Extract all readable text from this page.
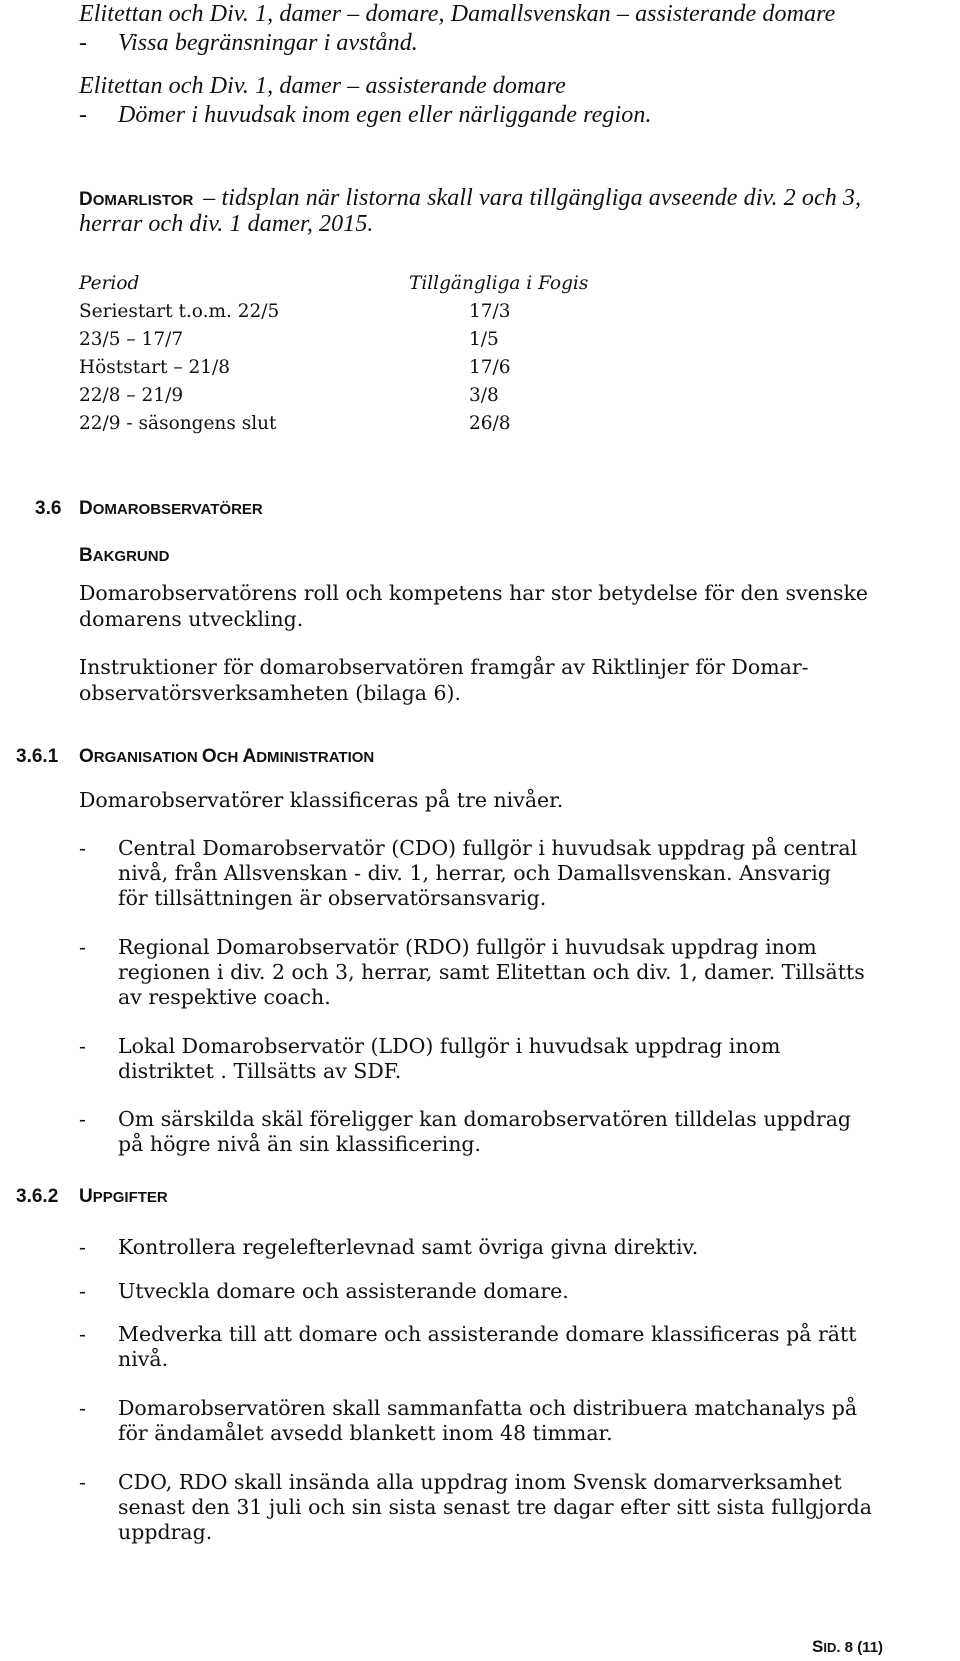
Elitettan och Div. 1, damer – domare, Damallsvenskan – assisterande domare
- Vissa begränsningar i avstånd.
Elitettan och Div. 1, damer – assisterande domare
- Dömer i huvudsak inom egen eller närliggande region.
DOMARLISTOR – tidsplan när listorna skall vara tillgängliga avseende div. 2 och 3,
herrar och div. 1 damer, 2015.
Period	Tillgängliga i Fogis
Seriestart t.o.m. 22/5	17/3
23/5 – 17/7	1/5
Höststart – 21/8	17/6
22/8 – 21/9	3/8
22/9 - säsongens slut	26/8
3.6 DOMAROBSERVATÖRER
BAKGRUND
Domarobservatörens roll och kompetens har stor betydelse för den svenske
domarens utveckling.
Instruktioner för domarobservatören framgår av Riktlinjer för Domar-
observatörsverksamheten (bilaga 6).
3.6.1 ORGANISATION OCH ADMINISTRATION
Domarobservatörer klassificeras på tre nivåer.
- Central Domarobservatör (CDO) fullgör i huvudsak uppdrag på central
nivå, från Allsvenskan - div. 1, herrar, och Damallsvenskan. Ansvarig
för tillsättningen är observatörsansvarig.
- Regional Domarobservatör (RDO) fullgör i huvudsak uppdrag inom
regionen i div. 2 och 3, herrar, samt Elitettan och div. 1, damer. Tillsätts
av respektive coach.
- Lokal Domarobservatör (LDO) fullgör i huvudsak uppdrag inom
distriktet . Tillsätts av SDF.
- Om särskilda skäl föreligger kan domarobservatören tilldelas uppdrag
på högre nivå än sin klassificering.
3.6.2 UPPGIFTER
- Kontrollera regelefterlevnad samt övriga givna direktiv.
- Utveckla domare och assisterande domare.
- Medverka till att domare och assisterande domare klassificeras på rätt
nivå.
- Domarobservatören skall sammanfatta och distribuera matchanalys på
för ändamålet avsedd blankett inom 48 timmar.
- CDO, RDO skall insända alla uppdrag inom Svensk domarverksamhet
senast den 31 juli och sin sista senast tre dagar efter sitt sista fullgjorda
uppdrag.
SID. 8 (11)
